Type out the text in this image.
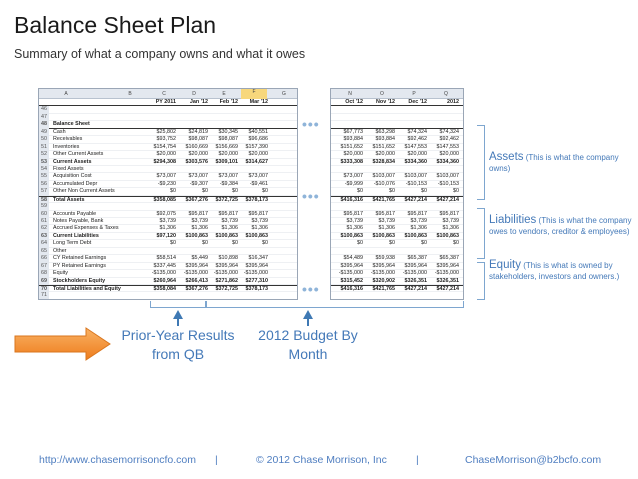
Balance Sheet Plan
Summary of what a company owns and what it owes
A	B	C	D	E	F	G
PY 2011	Jan '12	Feb '12	Mar '12
46
47
48	Balance Sheet
49	Cash	$25,802	$24,819	$30,345	$40,551
50	Receivables	$93,752	$98,087	$98,087	$96,686
51	Inventories	$154,754	$160,669	$156,669	$157,390
52	Other Current Assets	$20,000	$20,000	$20,000	$20,000
53	Current Assets	$294,308	$303,576	$309,101	$314,627
54	Fixed Assets
55	Acquisition Cost	$73,007	$73,007	$73,007	$73,007
56	Accumulated Depr	-$9,230	-$9,307	-$9,384	-$9,461
57	Other Non Current Assets	$0	$0	$0	$0
58	Total Assets	$358,085	$367,276	$372,725	$378,173
59
60	Accounts Payable	$92,075	$95,817	$95,817	$95,817
61	Notes Payable, Bank	$3,739	$3,739	$3,739	$3,739
62	Accrued Expenses & Taxes	$1,306	$1,306	$1,306	$1,306
63	Current Liabilities	$97,120	$100,863	$100,863	$100,863
64	Long Term Debt	$0	$0	$0	$0
65	Other
66	CY Retained Earnings	$58,514	$5,449	$10,898	$16,347
67	PY Retained Earnings	$337,445	$395,964	$395,964	$395,964
68	Equity	-$135,000	-$135,000	-$135,000	-$135,000
69	Stockholders Equity	$260,964	$266,413	$271,862	$277,310
70	Total Liabilities and Equity	$358,084	$367,276	$372,725	$378,173
71
•••
•••
•••
N	O	P	Q
Oct '12	Nov '12	Dec '12	2012
$67,773	$63,298	$74,324	$74,324
$93,884	$93,884	$92,462	$92,462
$151,652	$151,652	$147,553	$147,553
$20,000	$20,000	$20,000	$20,000
$333,308	$328,834	$334,360	$334,360
$73,007	$103,007	$103,007	$103,007
-$9,999	-$10,076	-$10,153	-$10,153
$0	$0	$0	$0
$416,316	$421,765	$427,214	$427,214
$95,817	$95,817	$95,817	$95,817
$3,739	$3,739	$3,739	$3,739
$1,306	$1,306	$1,306	$1,306
$100,863	$100,863	$100,863	$100,863
$0	$0	$0	$0
$54,489	$59,938	$65,387	$65,387
$395,964	$395,964	$395,964	$395,964
-$135,000	-$135,000	-$135,000	-$135,000
$315,452	$320,902	$326,351	$326,351
$416,316	$421,765	$427,214	$427,214
Assets (This is what the company owns)
Liabilities (This is what the company owes to vendors, creditor & employees)
Equity (This is what is owned by stakeholders, investors and owners.)
Prior-Year Results from QB
2012 Budget By Month
http://www.chasemorrisoncfo.com |	© 2012 Chase Morrison, Inc	|	ChaseMorrison@b2bcfo.com
